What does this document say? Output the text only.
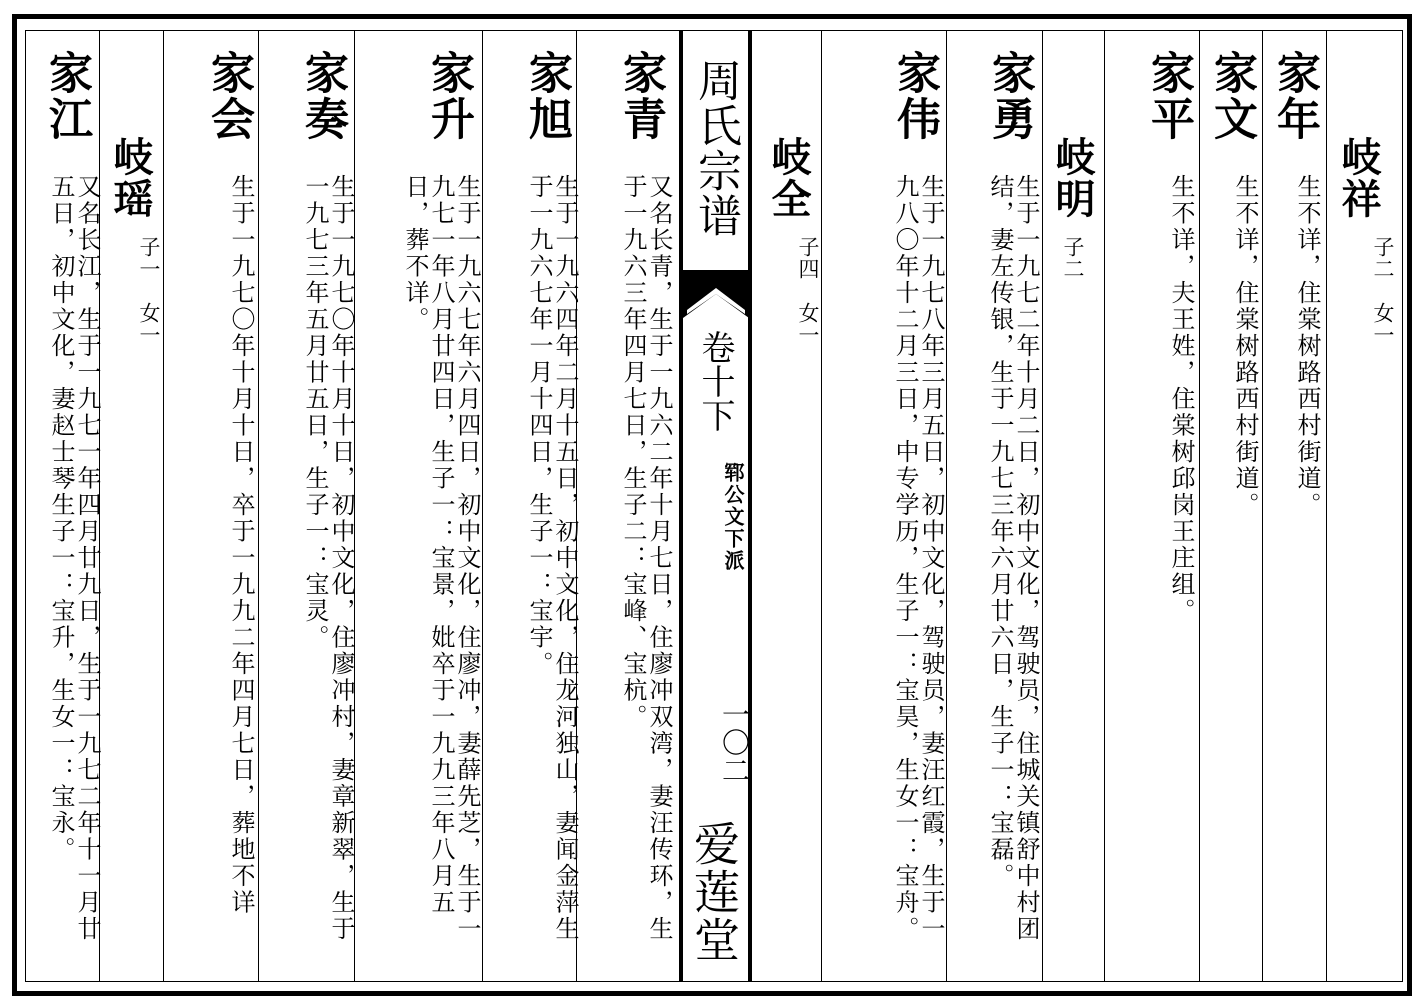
周氏宗谱
卷十下
郓公文下派
一〇二
爱莲堂
岐祥
子二　女一
家年
生不详，住棠树路西村街道。
家文
生不详，住棠树路西村街道。
家平
生不详，夫王姓，住棠树邱岗王庄组。
岐明
子二
家勇
生于一九七二年十月二日，初中文化，驾驶员，住城关镇舒中村团结，妻左传银，生于一九七三年六月廿六日，生子一：宝磊。
家伟
生于一九七八年三月五日，初中文化，驾驶员，妻汪红霞，生于一九八〇年十二月三日，中专学历，生子一：宝昊，生女一：宝舟。
岐全
子四　女一
家青
又名长青，生于一九六二年十月七日，住廖冲双湾，妻汪传环，生于一九六三年四月七日，生子二：宝峰、宝杭。
家旭
生于一九六四年二月十五日，初中文化，住龙河独山，妻闻金萍生于一九六七年一月十四日，生子一：宝宇。
家升
生于一九六七年六月四日，初中文化，住廖冲，妻薛先芝，生于一九七一年八月廿四日，生子一：宝景，妣卒于一九九三年八月五日，葬不详。
家奏
生于一九七〇年十月十日，初中文化，住廖冲村，妻章新翠，生于一九七三年五月廿五日，生子一：宝灵。
家会
生于一九七〇年十月十日，卒于一九九二年四月七日，葬地不详
岐瑶
子一　女一
家江
又名长江，生于一九七一年四月廿九日，生于一九七二年十一月廿五日，初中文化，妻赵士琴生子一：宝升，生女一：宝永。
